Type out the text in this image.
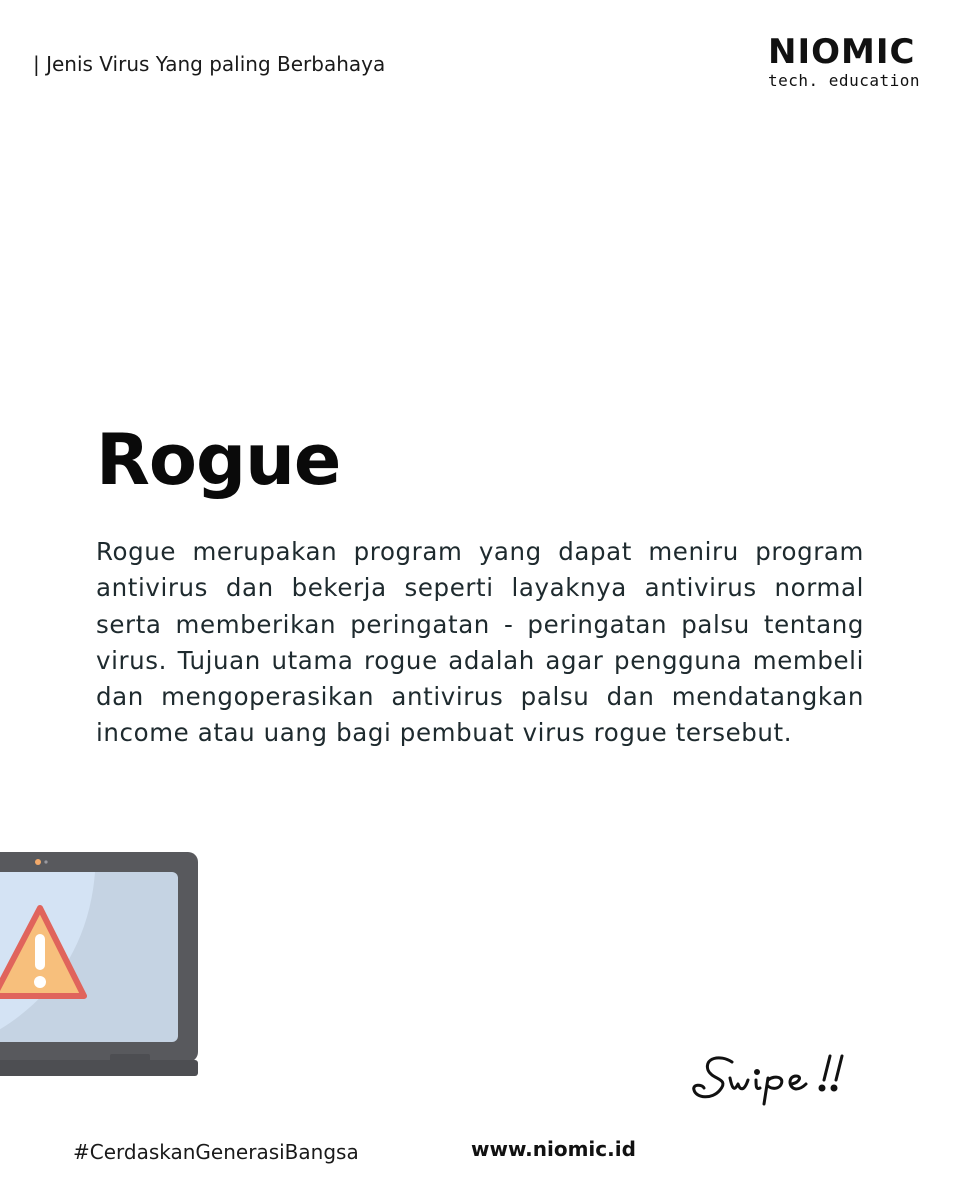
| Jenis Virus Yang paling Berbahaya	NIOMIC
tech. education
Rogue
Rogue merupakan program yang dapat meniru program antivirus dan bekerja seperti layaknya antivirus normal serta memberikan peringatan - peringatan palsu tentang virus. Tujuan utama rogue adalah agar pengguna membeli dan mengoperasikan antivirus palsu dan mendatangkan income atau uang bagi pembuat virus rogue tersebut.
#CerdaskanGenerasiBangsa	www.niomic.id
